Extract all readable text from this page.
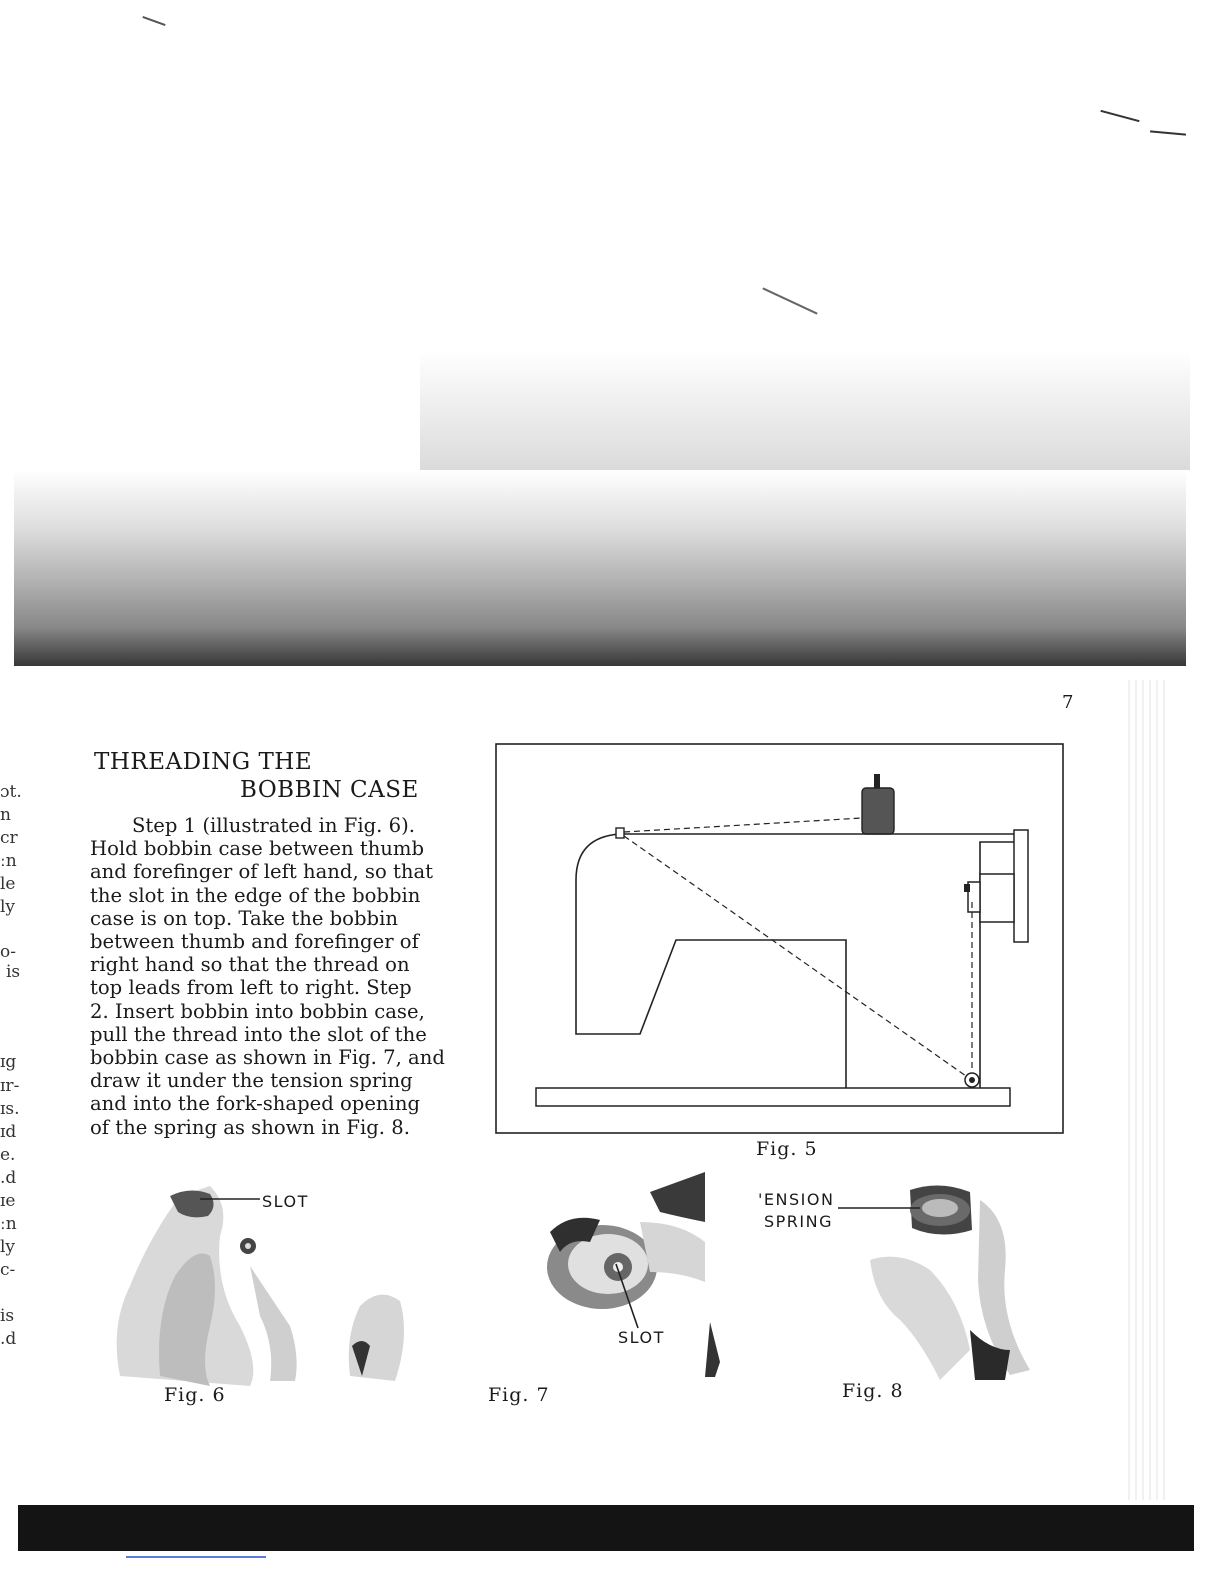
7
THREADING THE
BOBBIN CASE
Step 1 (illustrated in Fig. 6).
Hold bobbin case between thumb
and forefinger of left hand, so that
the slot in the edge of the bobbin
case is on top. Take the bobbin
between thumb and forefinger of
right hand so that the thread on
top leads from left to right. Step
2. Insert bobbin into bobbin case,
pull the thread into the slot of the
bobbin case as shown in Fig. 7, and
draw it under the tension spring
and into the fork-shaped opening
of the spring as shown in Fig. 8.
ɔt.
n
cr
ːn
le
ly
o-
is
ɪg
ɪr-
ɪs.
ɪd
e.
.d
ɪe
ːn
ly
c-
is
.d
Fig. 5
SLOT
Fig. 6
SLOT
Fig. 7
'ENSION
SPRING
Fig. 8
